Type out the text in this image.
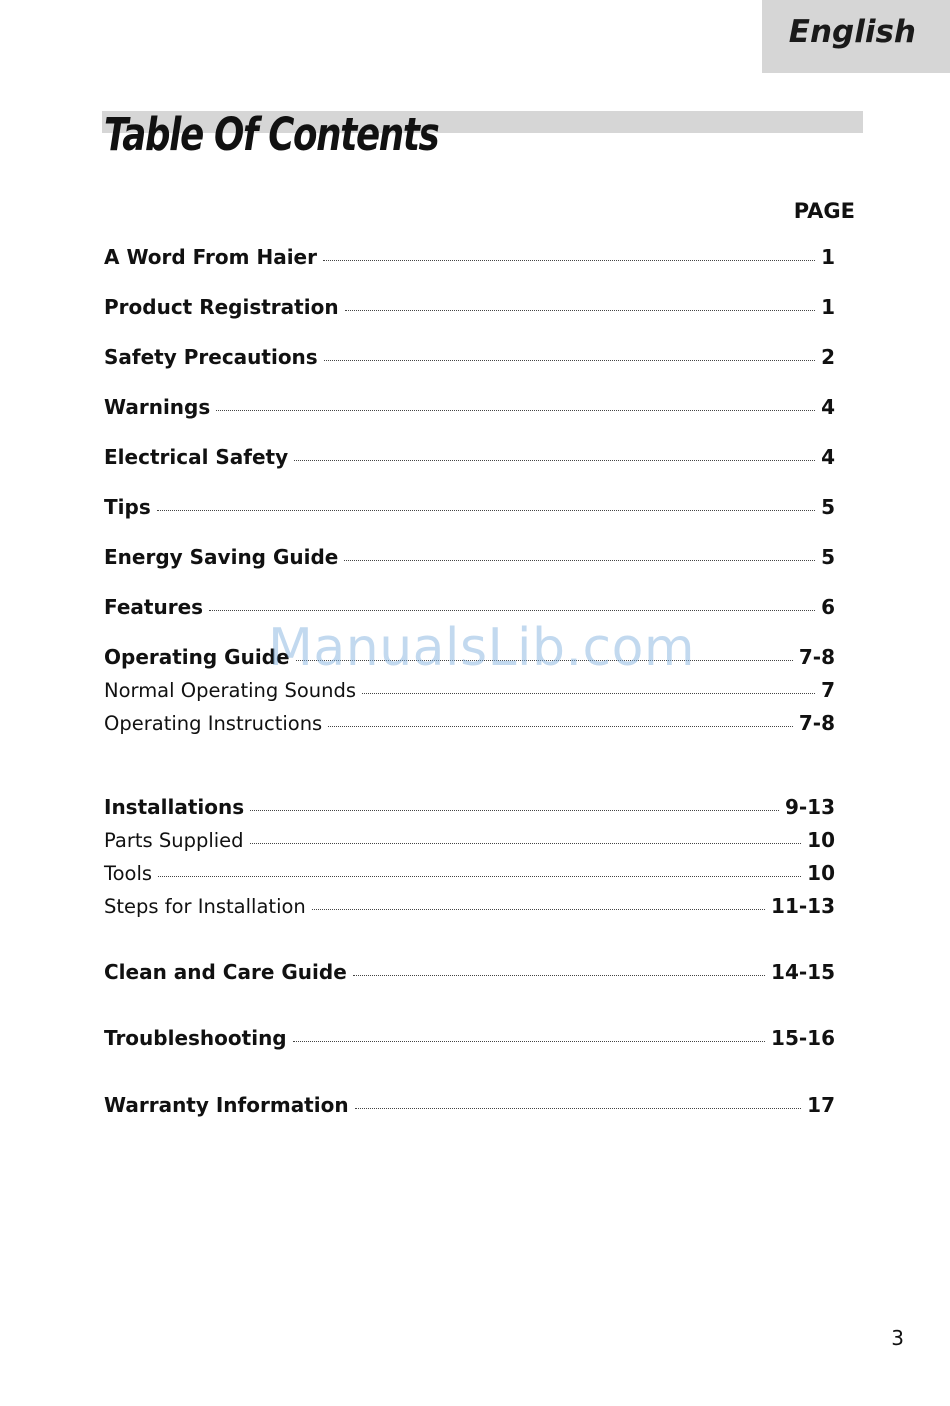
English
Table Of Contents
PAGE
A Word From Haier	1
Product Registration	1
Safety Precautions	2
Warnings	4
Electrical Safety	4
Tips	5
Energy Saving Guide	5
Features	6
Operating Guide	7-8
Normal Operating Sounds	7
Operating Instructions	7-8
Installations	9-13
Parts Supplied	10
Tools	10
Steps for Installation	11-13
Clean and Care Guide	14-15
Troubleshooting	15-16
Warranty Information	17
ManualsLib.com
3
